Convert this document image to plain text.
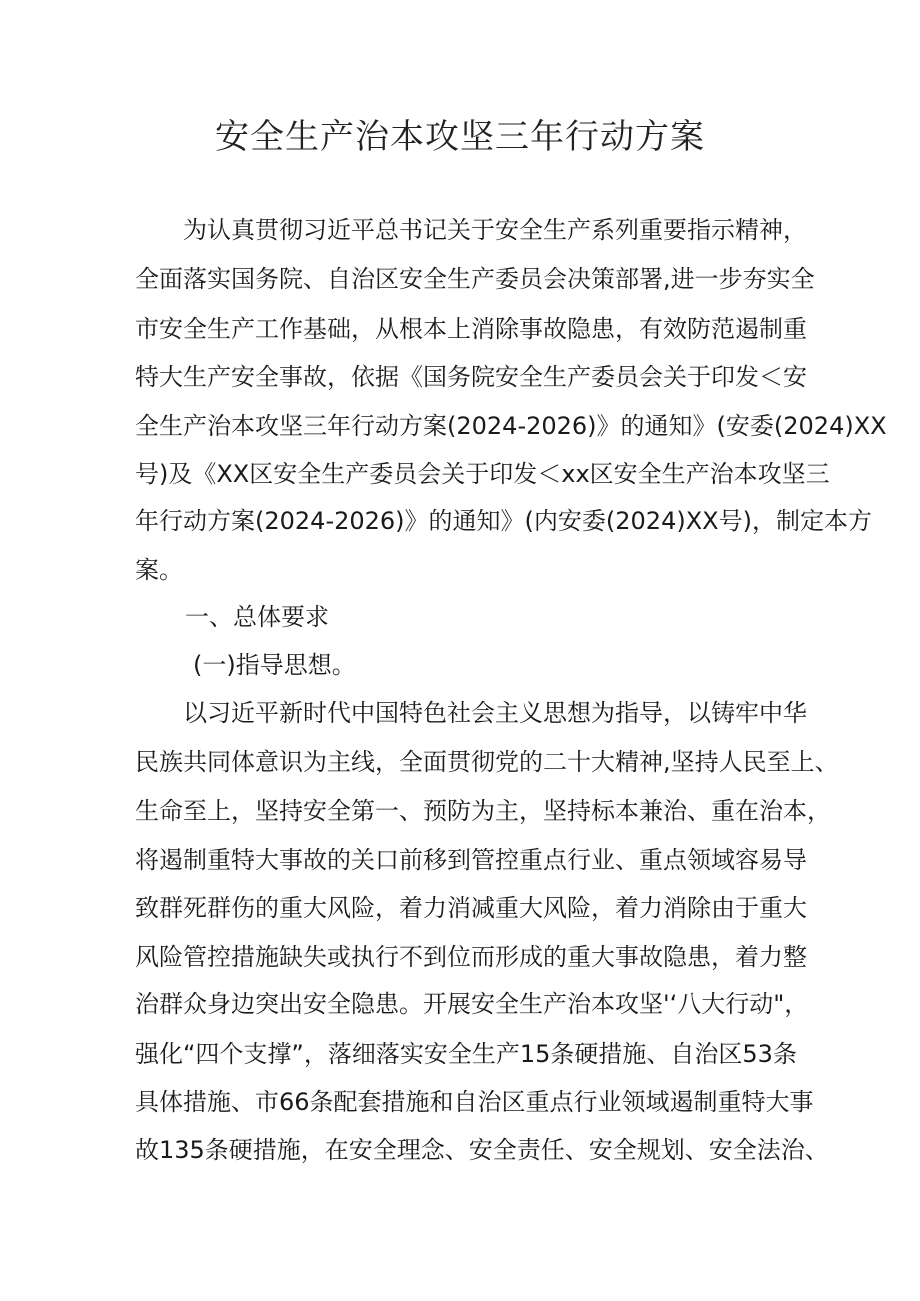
安全生产治本攻坚三年行动方案
为认真贯彻习近平总书记关于安全生产系列重要指示精神，
全面落实国务院、自治区安全生产委员会决策部署,进一步夯实全
市安全生产工作基础，从根本上消除事故隐患，有效防范遏制重
特大生产安全事故，依据《国务院安全生产委员会关于印发＜安
全生产治本攻坚三年行动方案(2024-2026)》的通知》(安委(2024)XX
号)及《XX区安全生产委员会关于印发＜xx区安全生产治本攻坚三
年行动方案(2024-2026)》的通知》(内安委(2024)XX号)，制定本方
案。
一、总体要求
(一)指导思想。
以习近平新时代中国特色社会主义思想为指导，以铸牢中华
民族共同体意识为主线，全面贯彻党的二十大精神,坚持人民至上、
生命至上，坚持安全第一、预防为主，坚持标本兼治、重在治本，
将遏制重特大事故的关口前移到管控重点行业、重点领域容易导
致群死群伤的重大风险，着力消减重大风险，着力消除由于重大
风险管控措施缺失或执行不到位而形成的重大事故隐患，着力整
治群众身边突出安全隐患。开展安全生产治本攻坚'‘八大行动"，
强化“四个支撑”，落细落实安全生产15条硬措施、自治区53条
具体措施、市66条配套措施和自治区重点行业领域遏制重特大事
故135条硬措施，在安全理念、安全责任、安全规划、安全法治、
